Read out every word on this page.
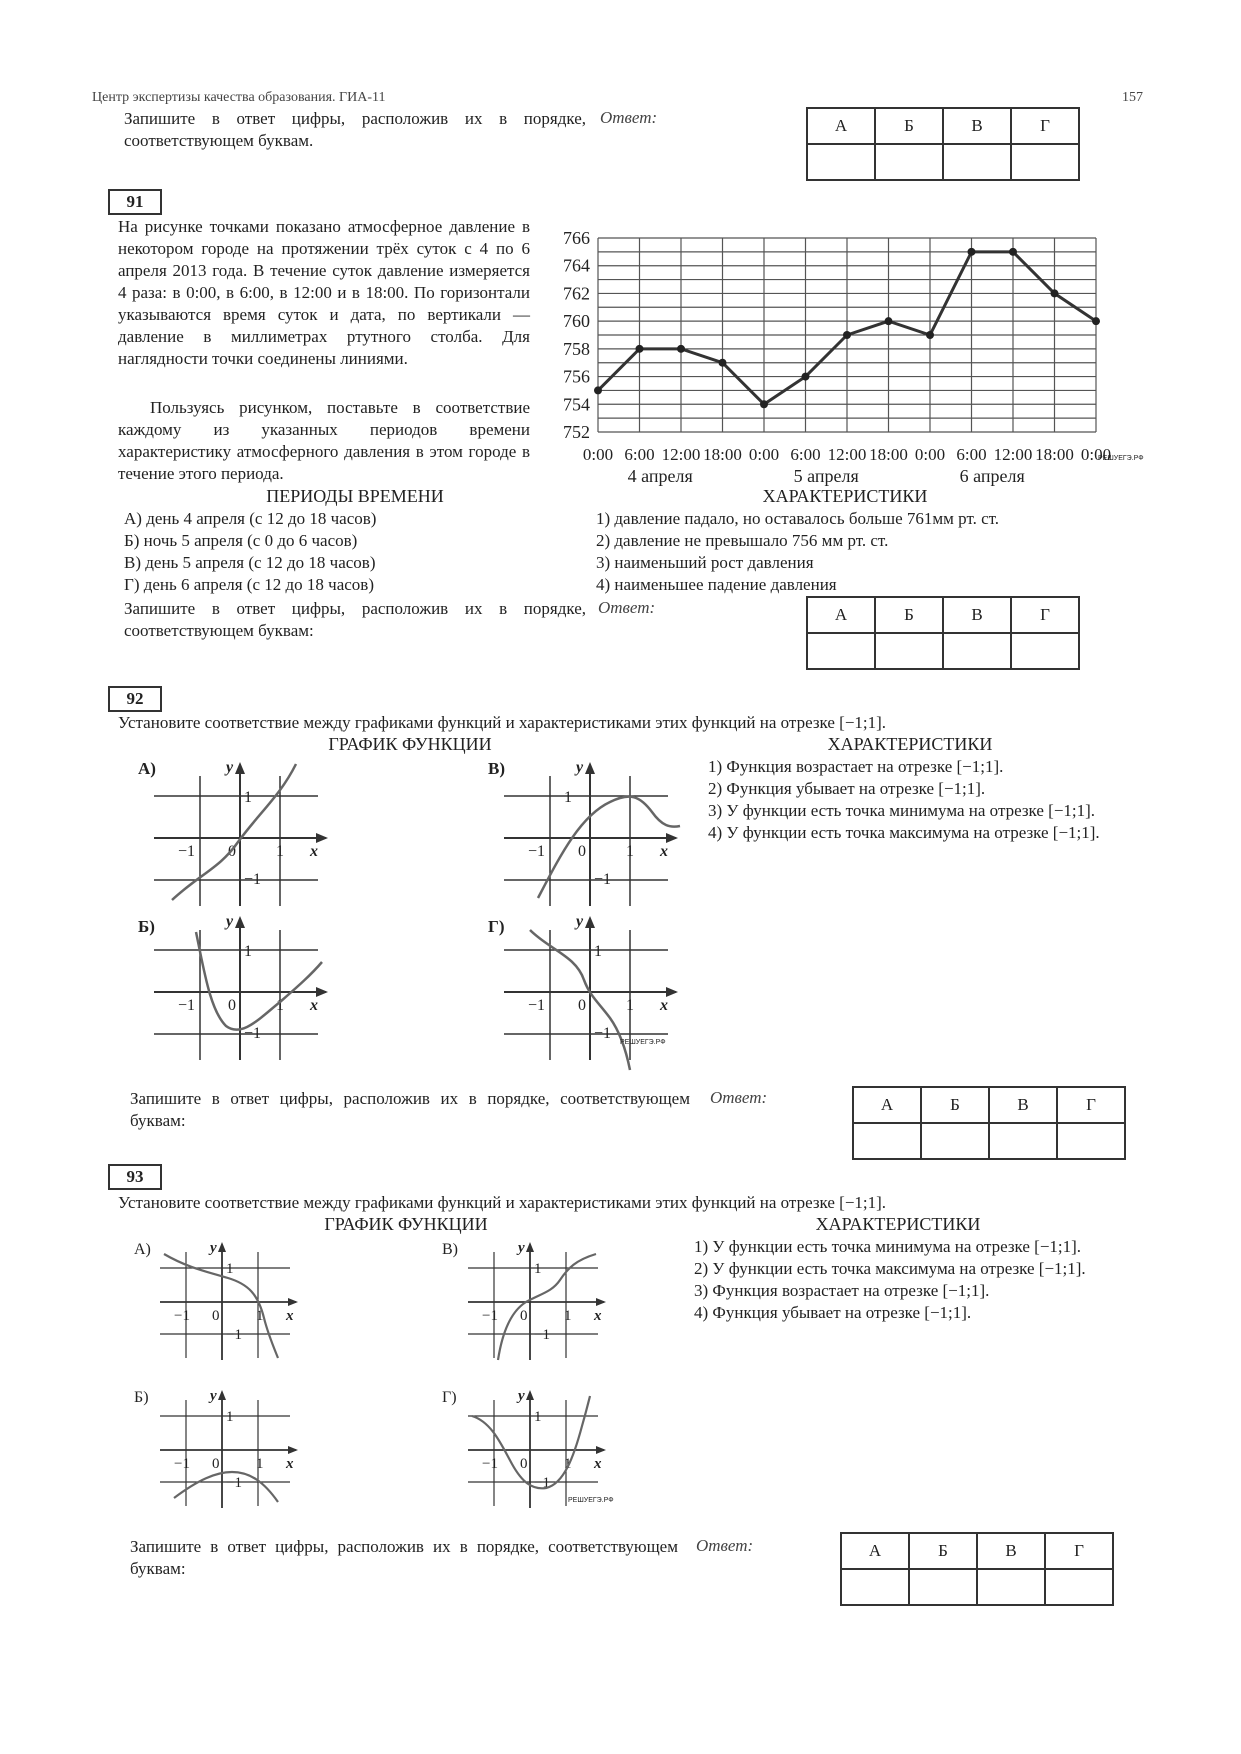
Центр экспертизы качества образования. ГИА-11	157
Запишите в ответ цифры, расположив их в порядке, соответствующем буквам.
Ответ:	А	Б	В	Г

91
На рисунке точками показано атмосферное давление в некотором городе на протяжении трёх суток с 4 по 6 апреля 2013 года. В течение суток давление измеряется 4 раза: в 0:00, в 6:00, в 12:00 и в 18:00. По горизонтали указываются время суток и дата, по вертикали — давление в миллиметрах ртутного столба. Для наглядности точки соединены линиями.
Пользуясь рисунком, поставьте в соответствие каждому из указанных периодов времени характеристику атмосферного давления в этом городе в течение этого периода.
752
754
756
758
760
762
764
766
0:00 6:00 12:00 18:00 0:00 6:00 12:00 18:00 0:00 6:00 12:00 18:00 0:00
4 апреля	5 апреля	6 апреля
РЕШУЕГЭ.РФ
ПЕРИОДЫ ВРЕМЕНИ	ХАРАКТЕРИСТИКИ
А) день 4 апреля (с 12 до 18 часов)
Б) ночь 5 апреля (с 0 до 6 часов)
В) день 5 апреля (с 12 до 18 часов)
Г) день 6 апреля (с 12 до 18 часов)
1) давление падало, но оставалось больше 761мм рт. ст.
2) давление не превышало 756 мм рт. ст.
3) наименьший рост давления
4) наименьшее падение давления
Запишите в ответ цифры, расположив их в порядке, соответствующем буквам:
Ответ:	А	Б	В	Г

92
Установите соответствие между графиками функций и характеристиками этих функций на отрезке [−1;1].
ГРАФИК ФУНКЦИИ	ХАРАКТЕРИСТИКИ
1) Функция возрастает на отрезке [−1;1].
2) Функция убывает на отрезке [−1;1].
3) У функции есть точка минимума на отрезке [−1;1].
4) У функции есть точка максимума на отрезке [−1;1].
А)	y
x
1
−1 0	1
−1
В)	y
x
1
−1 0	1
−1
Б)	y
x
1
−1 0	1
−1
Г)	y
x
1
−1 0	1
−1
РЕШУЕГЭ.РФ
Запишите в ответ цифры, расположив их в порядке, соответствующем буквам:
Ответ:	А	Б	В	Г

93
Установите соответствие между графиками функций и характеристиками этих функций на отрезке [−1;1].
ГРАФИК ФУНКЦИИ	ХАРАКТЕРИСТИКИ
1) У функции есть точка минимума на отрезке [−1;1].
2) У функции есть точка максимума на отрезке [−1;1].
3) Функция возрастает на отрезке [−1;1].
4) Функция убывает на отрезке [−1;1].
А)	y
x
1
−1 0 1
−1
В)	y
x
1
−1 0 1
−1
Б)	y
x
1
−1 0 1
−1
Г)	y
x
1
−1 0 1
−1
РЕШУЕГЭ.РФ
Запишите в ответ цифры, расположив их в порядке, соответствующем буквам:
Ответ:	А	Б	В	Г
